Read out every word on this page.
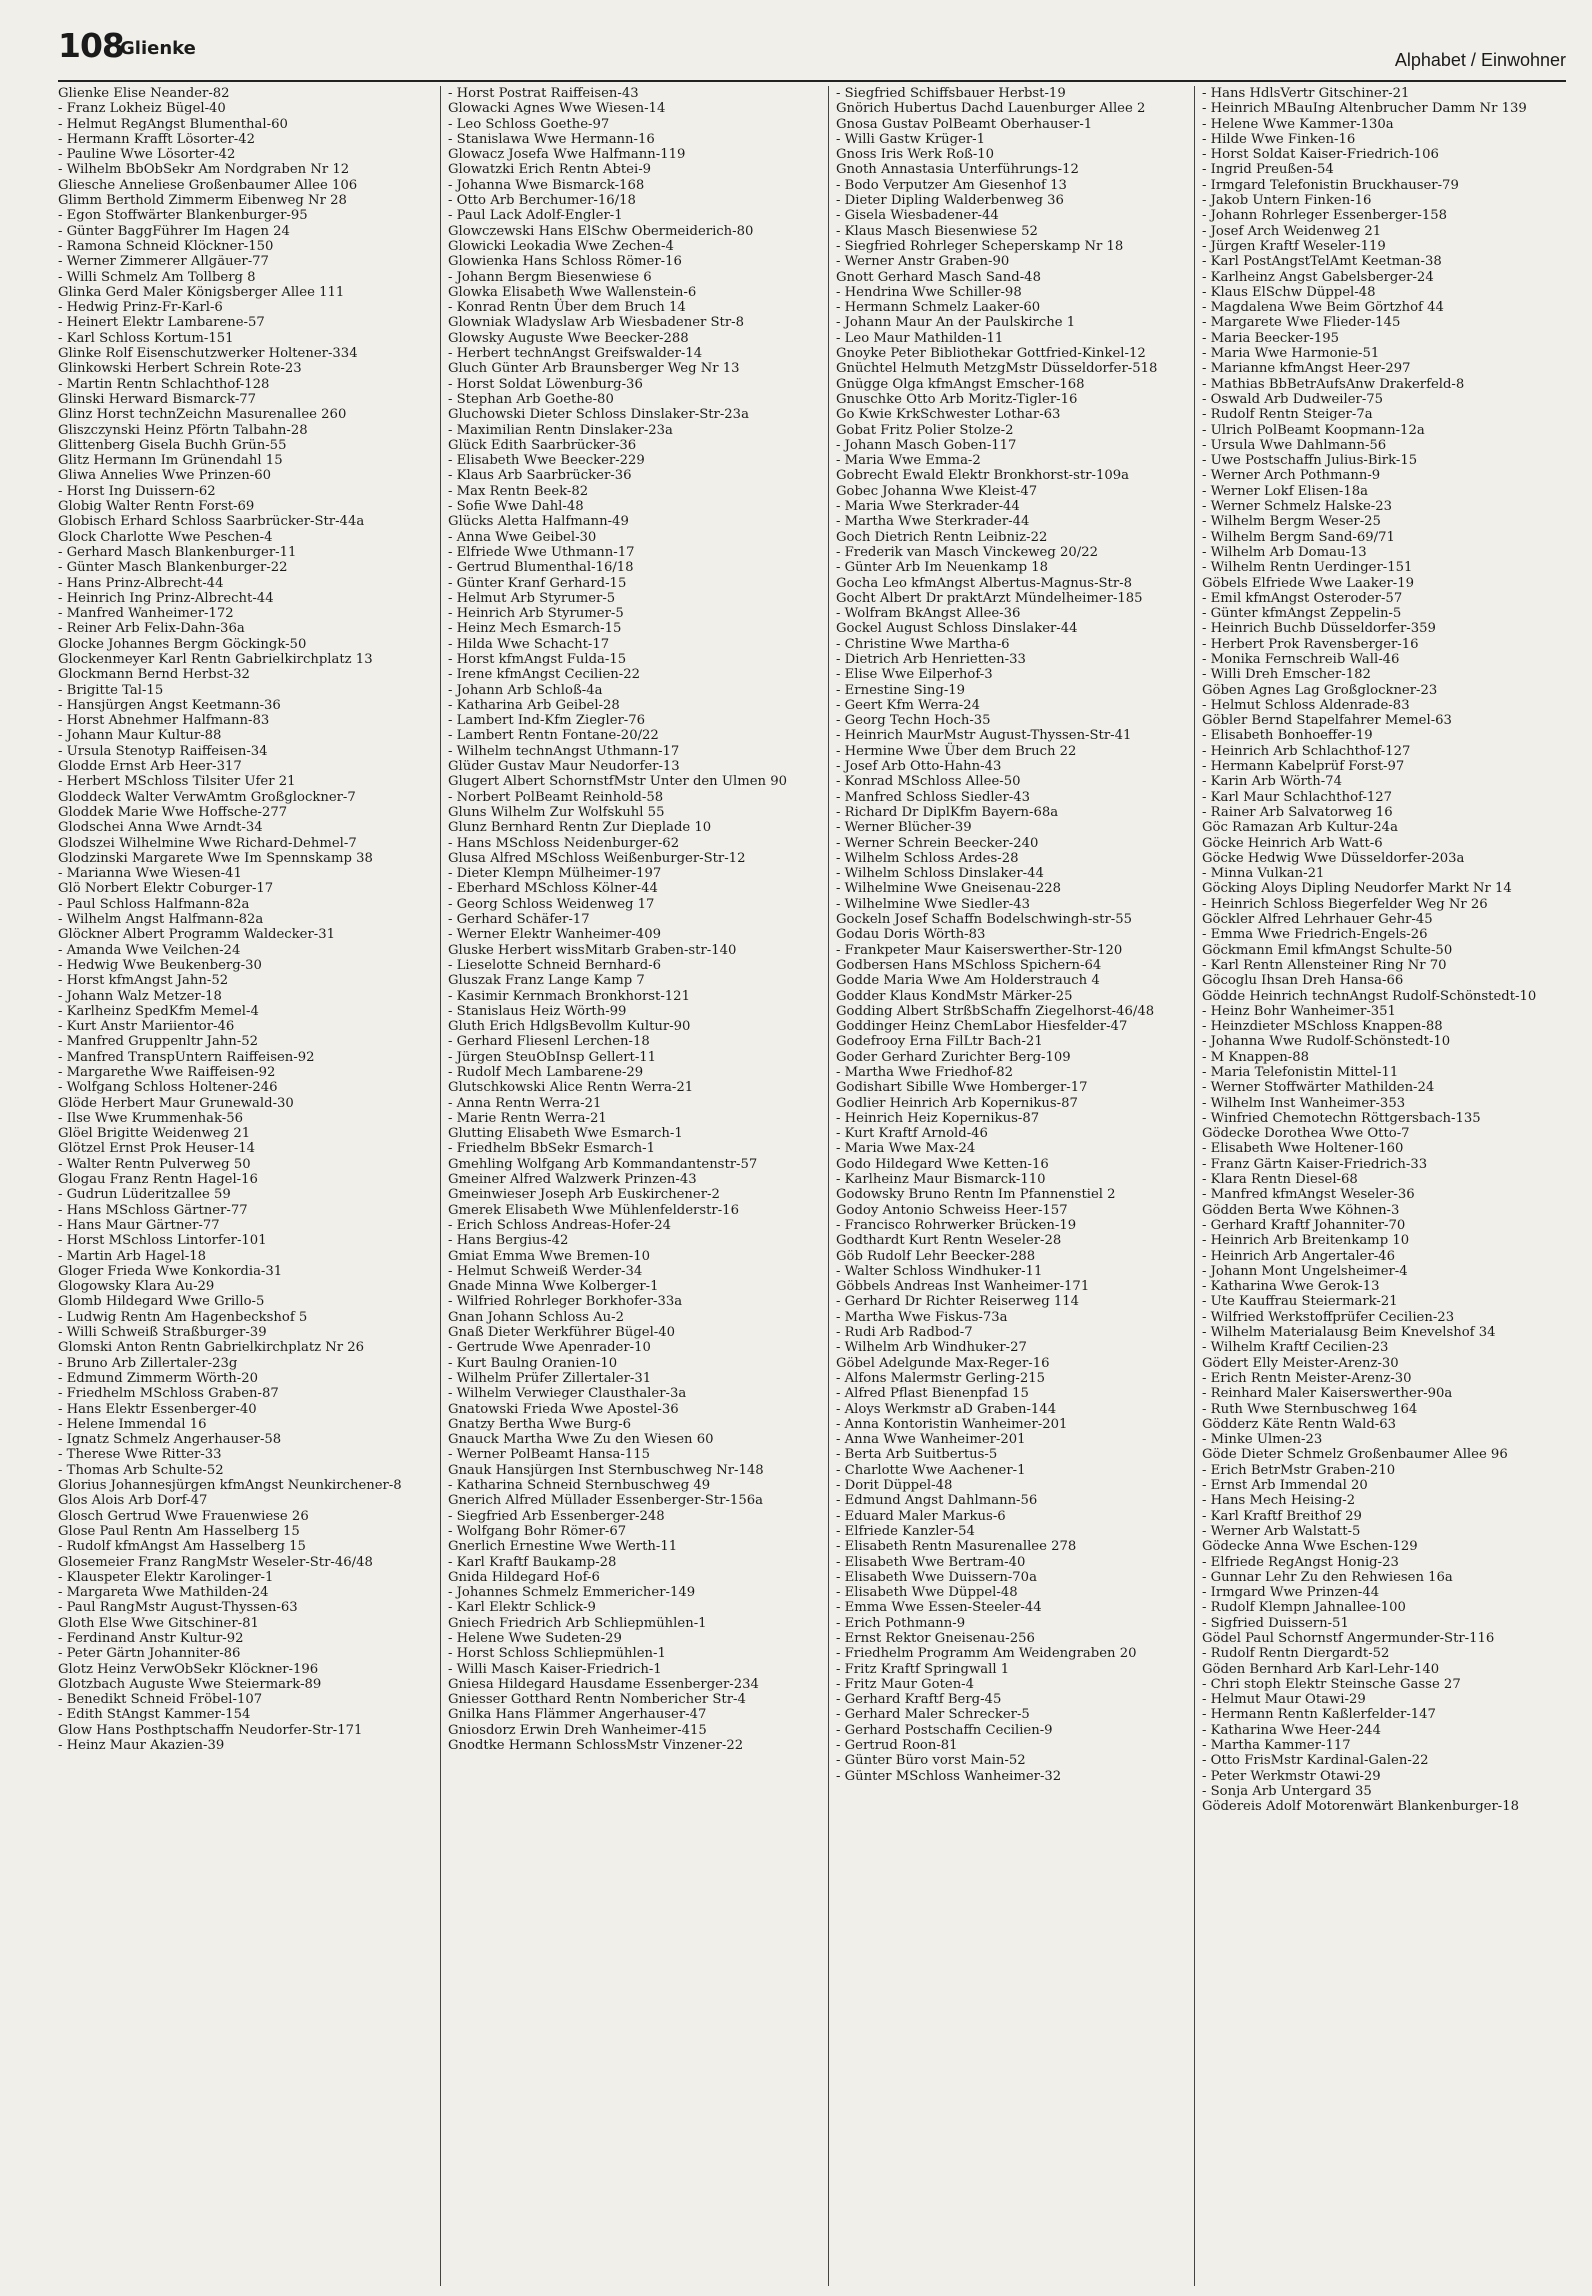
108
Glienke
Alphabet / Einwohner
Glienke Elise Neander-82
- Franz Lokheiz Bügel-40
- Helmut RegAngst Blumenthal-60
- Hermann Krafft Lösorter-42
- Pauline Wwe Lösorter-42
- Wilhelm BbObSekr Am Nordgraben Nr 12
Gliesche Anneliese Großenbaumer Allee 106
Glimm Berthold Zimmerm Eibenweg Nr 28
- Egon Stoffwärter Blankenburger-95
- Günter BaggFührer Im Hagen 24
- Ramona Schneid Klöckner-150
- Werner Zimmerer Allgäuer-77
- Willi Schmelz Am Tollberg 8
Glinka Gerd Maler Königsberger Allee 111
- Hedwig Prinz-Fr-Karl-6
- Heinert Elektr Lambarene-57
- Karl Schloss Kortum-151
Glinke Rolf Eisenschutzwerker Holtener-334
Glinkowski Herbert Schrein Rote-23
- Martin Rentn Schlachthof-128
Glinski Herward Bismarck-77
Glinz Horst technZeichn Masurenallee 260
Gliszczynski Heinz Pförtn Talbahn-28
Glittenberg Gisela Buchh Grün-55
Glitz Hermann Im Grünendahl 15
Gliwa Annelies Wwe Prinzen-60
- Horst Ing Duissern-62
Globig Walter Rentn Forst-69
Globisch Erhard Schloss Saarbrücker-Str-44a
Glock Charlotte Wwe Peschen-4
- Gerhard Masch Blankenburger-11
- Günter Masch Blankenburger-22
- Hans Prinz-Albrecht-44
- Heinrich Ing Prinz-Albrecht-44
- Manfred Wanheimer-172
- Reiner Arb Felix-Dahn-36a
Glocke Johannes Bergm Göckingk-50
Glockenmeyer Karl Rentn Gabrielkirchplatz 13
Glockmann Bernd Herbst-32
- Brigitte Tal-15
- Hansjürgen Angst Keetmann-36
- Horst Abnehmer Halfmann-83
- Johann Maur Kultur-88
- Ursula Stenotyp Raiffeisen-34
Glodde Ernst Arb Heer-317
- Herbert MSchloss Tilsiter Ufer 21
Gloddeck Walter VerwAmtm Großglockner-7
Gloddek Marie Wwe Hoffsche-277
Glodschei Anna Wwe Arndt-34
Glodszei Wilhelmine Wwe Richard-Dehmel-7
Glodzinski Margarete Wwe Im Spennskamp 38
- Marianna Wwe Wiesen-41
Glö Norbert Elektr Coburger-17
- Paul Schloss Halfmann-82a
- Wilhelm Angst Halfmann-82a
Glöckner Albert Programm Waldecker-31
- Amanda Wwe Veilchen-24
- Hedwig Wwe Beukenberg-30
- Horst kfmAngst Jahn-52
- Johann Walz Metzer-18
- Karlheinz SpedKfm Memel-4
- Kurt Anstr Mariientor-46
- Manfred Gruppenltr Jahn-52
- Manfred TranspUntern Raiffeisen-92
- Margarethe Wwe Raiffeisen-92
- Wolfgang Schloss Holtener-246
Glöde Herbert Maur Grunewald-30
- Ilse Wwe Krummenhak-56
Glöel Brigitte Weidenweg 21
Glötzel Ernst Prok Heuser-14
- Walter Rentn Pulverweg 50
Glogau Franz Rentn Hagel-16
- Gudrun Lüderitzallee 59
- Hans MSchloss Gärtner-77
- Hans Maur Gärtner-77
- Horst MSchloss Lintorfer-101
- Martin Arb Hagel-18
Gloger Frieda Wwe Konkordia-31
Glogowsky Klara Au-29
Glomb Hildegard Wwe Grillo-5
- Ludwig Rentn Am Hagenbeckshof 5
- Willi Schweiß Straßburger-39
Glomski Anton Rentn Gabrielkirchplatz Nr 26
- Bruno Arb Zillertaler-23g
- Edmund Zimmerm Wörth-20
- Friedhelm MSchloss Graben-87
- Hans Elektr Essenberger-40
- Helene Immendal 16
- Ignatz Schmelz Angerhauser-58
- Therese Wwe Ritter-33
- Thomas Arb Schulte-52
Glorius Johannesjürgen kfmAngst Neunkirchener-8
Glos Alois Arb Dorf-47
Glosch Gertrud Wwe Frauenwiese 26
Glose Paul Rentn Am Hasselberg 15
- Rudolf kfmAngst Am Hasselberg 15
Glosemeier Franz RangMstr Weseler-Str-46/48
- Klauspeter Elektr Karolinger-1
- Margareta Wwe Mathilden-24
- Paul RangMstr August-Thyssen-63
Gloth Else Wwe Gitschiner-81
- Ferdinand Anstr Kultur-92
- Peter Gärtn Johanniter-86
Glotz Heinz VerwObSekr Klöckner-196
Glotzbach Auguste Wwe Steiermark-89
- Benedikt Schneid Fröbel-107
- Edith StAngst Kammer-154
Glow Hans Posthptschaffn Neudorfer-Str-171
- Heinz Maur Akazien-39
- Horst Postrat Raiffeisen-43
Glowacki Agnes Wwe Wiesen-14
- Leo Schloss Goethe-97
- Stanislawa Wwe Hermann-16
Glowacz Josefa Wwe Halfmann-119
Glowatzki Erich Rentn Abtei-9
- Johanna Wwe Bismarck-168
- Otto Arb Berchumer-16/18
- Paul Lack Adolf-Engler-1
Glowczewski Hans ElSchw Obermeiderich-80
Glowicki Leokadia Wwe Zechen-4
Glowienka Hans Schloss Römer-16
- Johann Bergm Biesenwiese 6
Glowka Elisabeth Wwe Wallenstein-6
- Konrad Rentn Über dem Bruch 14
Glowniak Wladyslaw Arb Wiesbadener Str-8
Glowsky Auguste Wwe Beecker-288
- Herbert technAngst Greifswalder-14
Gluch Günter Arb Braunsberger Weg Nr 13
- Horst Soldat Löwenburg-36
- Stephan Arb Goethe-80
Gluchowski Dieter Schloss Dinslaker-Str-23a
- Maximilian Rentn Dinslaker-23a
Glück Edith Saarbrücker-36
- Elisabeth Wwe Beecker-229
- Klaus Arb Saarbrücker-36
- Max Rentn Beek-82
- Sofie Wwe Dahl-48
Glücks Aletta Halfmann-49
- Anna Wwe Geibel-30
- Elfriede Wwe Uthmann-17
- Gertrud Blumenthal-16/18
- Günter Kranf Gerhard-15
- Helmut Arb Styrumer-5
- Heinrich Arb Styrumer-5
- Heinz Mech Esmarch-15
- Hilda Wwe Schacht-17
- Horst kfmAngst Fulda-15
- Irene kfmAngst Cecilien-22
- Johann Arb Schloß-4a
- Katharina Arb Geibel-28
- Lambert Ind-Kfm Ziegler-76
- Lambert Rentn Fontane-20/22
- Wilhelm technAngst Uthmann-17
Glüder Gustav Maur Neudorfer-13
Glugert Albert SchornstfMstr Unter den Ulmen 90
- Norbert PolBeamt Reinhold-58
Gluns Wilhelm Zur Wolfskuhl 55
Glunz Bernhard Rentn Zur Dieplade 10
- Hans MSchloss Neidenburger-62
Glusa Alfred MSchloss Weißenburger-Str-12
- Dieter Klempn Mülheimer-197
- Eberhard MSchloss Kölner-44
- Georg Schloss Weidenweg 17
- Gerhard Schäfer-17
- Werner Elektr Wanheimer-409
Gluske Herbert wissMitarb Graben-str-140
- Lieselotte Schneid Bernhard-6
Gluszak Franz Lange Kamp 7
- Kasimir Kernmach Bronkhorst-121
- Stanislaus Heiz Wörth-99
Gluth Erich HdlgsBevollm Kultur-90
- Gerhard Fliesenl Lerchen-18
- Jürgen SteuObInsp Gellert-11
- Rudolf Mech Lambarene-29
Glutschkowski Alice Rentn Werra-21
- Anna Rentn Werra-21
- Marie Rentn Werra-21
Glutting Elisabeth Wwe Esmarch-1
- Friedhelm BbSekr Esmarch-1
Gmehling Wolfgang Arb Kommandantenstr-57
Gmeiner Alfred Walzwerk Prinzen-43
Gmeinwieser Joseph Arb Euskirchener-2
Gmerek Elisabeth Wwe Mühlenfelderstr-16
- Erich Schloss Andreas-Hofer-24
- Hans Bergius-42
Gmiat Emma Wwe Bremen-10
- Helmut Schweiß Werder-34
Gnade Minna Wwe Kolberger-1
- Wilfried Rohrleger Borkhofer-33a
Gnan Johann Schloss Au-2
Gnaß Dieter Werkführer Bügel-40
- Gertrude Wwe Apenrader-10
- Kurt Baulng Oranien-10
- Wilhelm Prüfer Zillertaler-31
- Wilhelm Verwieger Clausthaler-3a
Gnatowski Frieda Wwe Apostel-36
Gnatzy Bertha Wwe Burg-6
Gnauck Martha Wwe Zu den Wiesen 60
- Werner PolBeamt Hansa-115
Gnauk Hansjürgen Inst Sternbuschweg Nr-148
- Katharina Schneid Sternbuschweg 49
Gnerich Alfred Müllader Essenberger-Str-156a
- Siegfried Arb Essenberger-248
- Wolfgang Bohr Römer-67
Gnerlich Ernestine Wwe Werth-11
- Karl Kraftf Baukamp-28
Gnida Hildegard Hof-6
- Johannes Schmelz Emmericher-149
- Karl Elektr Schlick-9
Gniech Friedrich Arb Schliepmühlen-1
- Helene Wwe Sudeten-29
- Horst Schloss Schliepmühlen-1
- Willi Masch Kaiser-Friedrich-1
Gniesa Hildegard Hausdame Essenberger-234
Gniesser Gotthard Rentn Nombericher Str-4
Gnilka Hans Flämmer Angerhauser-47
Gniosdorz Erwin Dreh Wanheimer-415
Gnodtke Hermann SchlossMstr Vinzener-22
- Siegfried Schiffsbauer Herbst-19
Gnörich Hubertus Dachd Lauenburger Allee 2
Gnosa Gustav PolBeamt Oberhauser-1
- Willi Gastw Krüger-1
Gnoss Iris Werk Roß-10
Gnoth Annastasia Unterführungs-12
- Bodo Verputzer Am Giesenhof 13
- Dieter Dipling Walderbenweg 36
- Gisela Wiesbadener-44
- Klaus Masch Biesenwiese 52
- Siegfried Rohrleger Scheperskamp Nr 18
- Werner Anstr Graben-90
Gnott Gerhard Masch Sand-48
- Hendrina Wwe Schiller-98
- Hermann Schmelz Laaker-60
- Johann Maur An der Paulskirche 1
- Leo Maur Mathilden-11
Gnoyke Peter Bibliothekar Gottfried-Kinkel-12
Gnüchtel Helmuth MetzgMstr Düsseldorfer-518
Gnügge Olga kfmAngst Emscher-168
Gnuschke Otto Arb Moritz-Tigler-16
Go Kwie KrkSchwester Lothar-63
Gobat Fritz Polier Stolze-2
- Johann Masch Goben-117
- Maria Wwe Emma-2
Gobrecht Ewald Elektr Bronkhorst-str-109a
Gobec Johanna Wwe Kleist-47
- Maria Wwe Sterkrader-44
- Martha Wwe Sterkrader-44
Goch Dietrich Rentn Leibniz-22
- Frederik van Masch Vinckeweg 20/22
- Günter Arb Im Neuenkamp 18
Gocha Leo kfmAngst Albertus-Magnus-Str-8
Gocht Albert Dr praktArzt Mündelheimer-185
- Wolfram BkAngst Allee-36
Gockel August Schloss Dinslaker-44
- Christine Wwe Martha-6
- Dietrich Arb Henrietten-33
- Elise Wwe Eilperhof-3
- Ernestine Sing-19
- Geert Kfm Werra-24
- Georg Techn Hoch-35
- Heinrich MaurMstr August-Thyssen-Str-41
- Hermine Wwe Über dem Bruch 22
- Josef Arb Otto-Hahn-43
- Konrad MSchloss Allee-50
- Manfred Schloss Siedler-43
- Richard Dr DiplKfm Bayern-68a
- Werner Blücher-39
- Werner Schrein Beecker-240
- Wilhelm Schloss Ardes-28
- Wilhelm Schloss Dinslaker-44
- Wilhelmine Wwe Gneisenau-228
- Wilhelmine Wwe Siedler-43
Gockeln Josef Schaffn Bodelschwingh-str-55
Godau Doris Wörth-83
- Frankpeter Maur Kaiserswerther-Str-120
Godbersen Hans MSchloss Spichern-64
Godde Maria Wwe Am Holderstrauch 4
Godder Klaus KondMstr Märker-25
Godding Albert StrßbSchaffn Ziegelhorst-46/48
Goddinger Heinz ChemLabor Hiesfelder-47
Godefrooy Erna FilLtr Bach-21
Goder Gerhard Zurichter Berg-109
- Martha Wwe Friedhof-82
Godishart Sibille Wwe Homberger-17
Godlier Heinrich Arb Kopernikus-87
- Heinrich Heiz Kopernikus-87
- Kurt Kraftf Arnold-46
- Maria Wwe Max-24
Godo Hildegard Wwe Ketten-16
- Karlheinz Maur Bismarck-110
Godowsky Bruno Rentn Im Pfannenstiel 2
Godoy Antonio Schweiss Heer-157
- Francisco Rohrwerker Brücken-19
Godthardt Kurt Rentn Weseler-28
Göb Rudolf Lehr Beecker-288
- Walter Schloss Windhuker-11
Göbbels Andreas Inst Wanheimer-171
- Gerhard Dr Richter Reiserweg 114
- Martha Wwe Fiskus-73a
- Rudi Arb Radbod-7
- Wilhelm Arb Windhuker-27
Göbel Adelgunde Max-Reger-16
- Alfons Malermstr Gerling-215
- Alfred Pflast Bienenpfad 15
- Aloys Werkmstr aD Graben-144
- Anna Kontoristin Wanheimer-201
- Anna Wwe Wanheimer-201
- Berta Arb Suitbertus-5
- Charlotte Wwe Aachener-1
- Dorit Düppel-48
- Edmund Angst Dahlmann-56
- Eduard Maler Markus-6
- Elfriede Kanzler-54
- Elisabeth Rentn Masurenallee 278
- Elisabeth Wwe Bertram-40
- Elisabeth Wwe Duissern-70a
- Elisabeth Wwe Düppel-48
- Emma Wwe Essen-Steeler-44
- Erich Pothmann-9
- Ernst Rektor Gneisenau-256
- Friedhelm Programm Am Weidengraben 20
- Fritz Kraftf Springwall 1
- Fritz Maur Goten-4
- Gerhard Kraftf Berg-45
- Gerhard Maler Schrecker-5
- Gerhard Postschaffn Cecilien-9
- Gertrud Roon-81
- Günter Büro vorst Main-52
- Günter MSchloss Wanheimer-32
- Hans HdlsVertr Gitschiner-21
- Heinrich MBauIng Altenbrucher Damm Nr 139
- Helene Wwe Kammer-130a
- Hilde Wwe Finken-16
- Horst Soldat Kaiser-Friedrich-106
- Ingrid Preußen-54
- Irmgard Telefonistin Bruckhauser-79
- Jakob Untern Finken-16
- Johann Rohrleger Essenberger-158
- Josef Arch Weidenweg 21
- Jürgen Kraftf Weseler-119
- Karl PostAngstTelAmt Keetman-38
- Karlheinz Angst Gabelsberger-24
- Klaus ElSchw Düppel-48
- Magdalena Wwe Beim Görtzhof 44
- Margarete Wwe Flieder-145
- Maria Beecker-195
- Maria Wwe Harmonie-51
- Marianne kfmAngst Heer-297
- Mathias BbBetrAufsAnw Drakerfeld-8
- Oswald Arb Dudweiler-75
- Rudolf Rentn Steiger-7a
- Ulrich PolBeamt Koopmann-12a
- Ursula Wwe Dahlmann-56
- Uwe Postschaffn Julius-Birk-15
- Werner Arch Pothmann-9
- Werner Lokf Elisen-18a
- Werner Schmelz Halske-23
- Wilhelm Bergm Weser-25
- Wilhelm Bergm Sand-69/71
- Wilhelm Arb Domau-13
- Wilhelm Rentn Uerdinger-151
Göbels Elfriede Wwe Laaker-19
- Emil kfmAngst Osteroder-57
- Günter kfmAngst Zeppelin-5
- Heinrich Buchb Düsseldorfer-359
- Herbert Prok Ravensberger-16
- Monika Fernschreib Wall-46
- Willi Dreh Emscher-182
Göben Agnes Lag Großglockner-23
- Helmut Schloss Aldenrade-83
Göbler Bernd Stapelfahrer Memel-63
- Elisabeth Bonhoeffer-19
- Heinrich Arb Schlachthof-127
- Hermann Kabelprüf Forst-97
- Karin Arb Wörth-74
- Karl Maur Schlachthof-127
- Rainer Arb Salvatorweg 16
Göc Ramazan Arb Kultur-24a
Göcke Heinrich Arb Watt-6
Göcke Hedwig Wwe Düsseldorfer-203a
- Minna Vulkan-21
Göcking Aloys Dipling Neudorfer Markt Nr 14
- Heinrich Schloss Biegerfelder Weg Nr 26
Göckler Alfred Lehrhauer Gehr-45
- Emma Wwe Friedrich-Engels-26
Göckmann Emil kfmAngst Schulte-50
- Karl Rentn Allensteiner Ring Nr 70
Göcoglu Ihsan Dreh Hansa-66
Gödde Heinrich technAngst Rudolf-Schönstedt-10
- Heinz Bohr Wanheimer-351
- Heinzdieter MSchloss Knappen-88
- Johanna Wwe Rudolf-Schönstedt-10
- M Knappen-88
- Maria Telefonistin Mittel-11
- Werner Stoffwärter Mathilden-24
- Wilhelm Inst Wanheimer-353
- Winfried Chemotechn Röttgersbach-135
Gödecke Dorothea Wwe Otto-7
- Elisabeth Wwe Holtener-160
- Franz Gärtn Kaiser-Friedrich-33
- Klara Rentn Diesel-68
- Manfred kfmAngst Weseler-36
Gödden Berta Wwe Köhnen-3
- Gerhard Kraftf Johanniter-70
- Heinrich Arb Breitenkamp 10
- Heinrich Arb Angertaler-46
- Johann Mont Ungelsheimer-4
- Katharina Wwe Gerok-13
- Ute Kauffrau Steiermark-21
- Wilfried Werkstoffprüfer Cecilien-23
- Wilhelm Materialausg Beim Knevelshof 34
- Wilhelm Kraftf Cecilien-23
Gödert Elly Meister-Arenz-30
- Erich Rentn Meister-Arenz-30
- Reinhard Maler Kaiserswerther-90a
- Ruth Wwe Sternbuschweg 164
Gödderz Käte Rentn Wald-63
- Minke Ulmen-23
Göde Dieter Schmelz Großenbaumer Allee 96
- Erich BetrMstr Graben-210
- Ernst Arb Immendal 20
- Hans Mech Heising-2
- Karl Kraftf Breithof 29
- Werner Arb Walstatt-5
Gödecke Anna Wwe Eschen-129
- Elfriede RegAngst Honig-23
- Gunnar Lehr Zu den Rehwiesen 16a
- Irmgard Wwe Prinzen-44
- Rudolf Klempn Jahnallee-100
- Sigfried Duissern-51
Gödel Paul Schornstf Angermunder-Str-116
- Rudolf Rentn Diergardt-52
Göden Bernhard Arb Karl-Lehr-140
- Chri stoph Elektr Steinsche Gasse 27
- Helmut Maur Otawi-29
- Hermann Rentn Kaßlerfelder-147
- Katharina Wwe Heer-244
- Martha Kammer-117
- Otto FrisMstr Kardinal-Galen-22
- Peter Werkmstr Otawi-29
- Sonja Arb Untergard 35
Gödereis Adolf Motorenwärt Blankenburger-18
